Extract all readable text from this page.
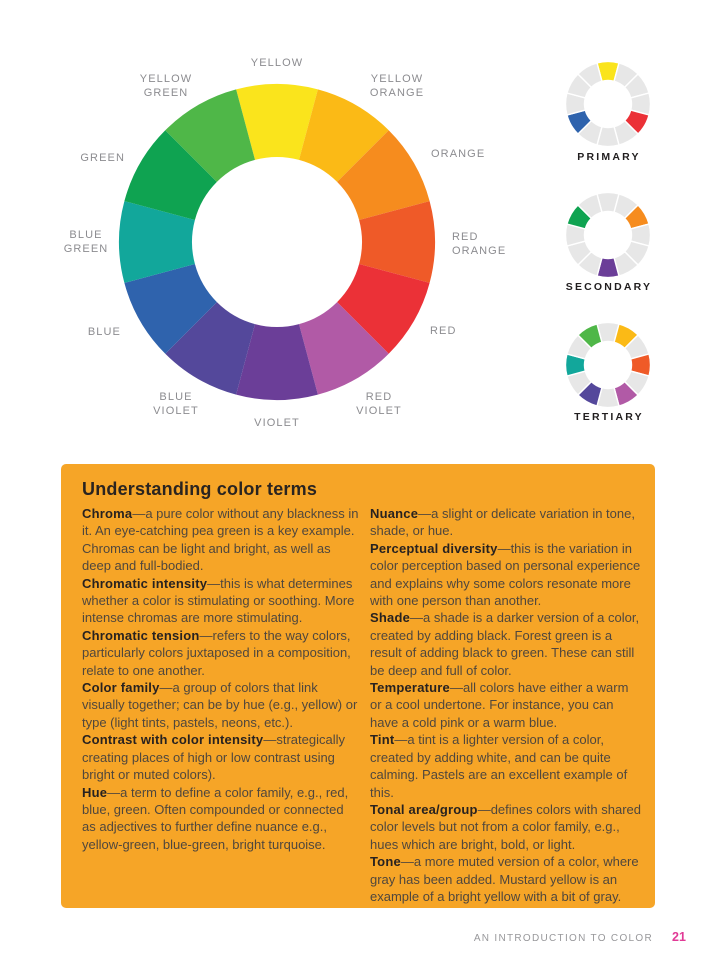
YELLOW
YELLOW ORANGE
ORANGE
RED ORANGE
RED
RED VIOLET
VIOLET
BLUE VIOLET
BLUE
BLUE GREEN
GREEN
YELLOW GREEN
PRIMARY
SECONDARY
TERTIARY
Understanding color terms

Chroma—a pure color without any blackness in it. An eye-catching pea green is a key example. Chromas can be light and bright, as well as deep and full-bodied.

Chromatic intensity—this is what determines whether a color is stimulating or soothing. More intense chromas are more stimulating.

Chromatic tension—refers to the way colors, particularly colors juxtaposed in a composition, relate to one another.

Color family—a group of colors that link visually together; can be by hue (e.g., yellow) or type (light tints, pastels, neons, etc.).

Contrast with color intensity—strategically creating places of high or low contrast using bright or muted colors).

Hue—a term to define a color family, e.g., red, blue, green. Often compounded or connected as adjectives to further define nuance e.g., yellow-green, blue-green, bright turquoise.

Nuance—a slight or delicate variation in tone, shade, or hue.

Perceptual diversity—this is the variation in color perception based on personal experience and explains why some colors resonate more with one person than another.

Shade—a shade is a darker version of a color, created by adding black. Forest green is a result of adding black to green. These can still be deep and full of color.

Temperature—all colors have either a warm or a cool undertone. For instance, you can have a cold pink or a warm blue.

Tint—a tint is a lighter version of a color, created by adding white, and can be quite calming. Pastels are an excellent example of this.

Tonal area/group—defines colors with shared color levels but not from a color family, e.g., hues which are bright, bold, or light.

Tone—a more muted version of a color, where gray has been added. Mustard yellow is an example of a bright yellow with a bit of gray.

AN INTRODUCTION TO COLOR 21
